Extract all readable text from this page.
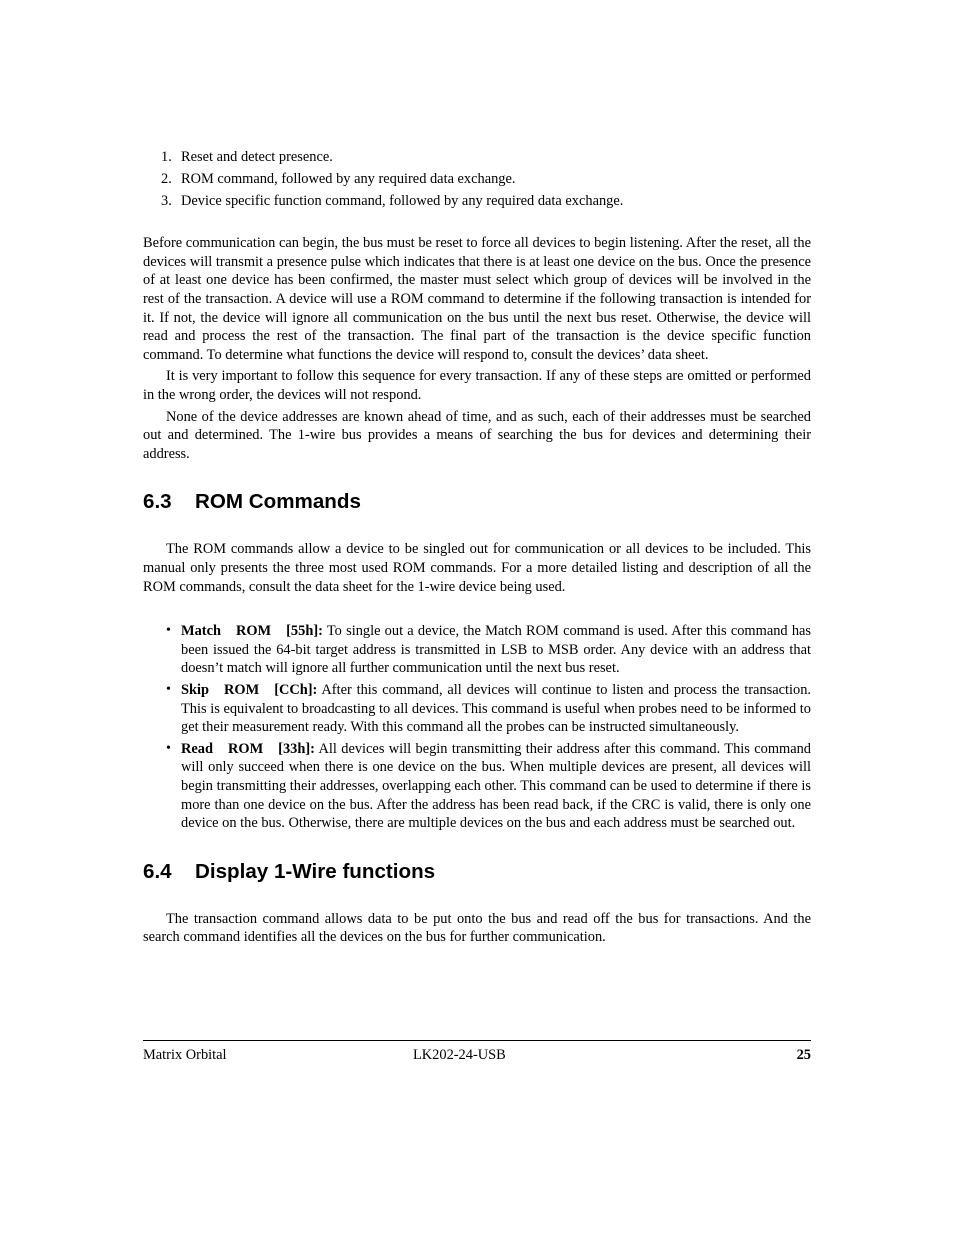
1. Reset and detect presence.
2. ROM command, followed by any required data exchange.
3. Device specific function command, followed by any required data exchange.

Before communication can begin, the bus must be reset to force all devices to begin listening. After the reset, all the devices will transmit a presence pulse which indicates that there is at least one device on the bus. Once the presence of at least one device has been confirmed, the master must select which group of devices will be involved in the rest of the transaction. A device will use a ROM command to determine if the following transaction is intended for it. If not, the device will ignore all communication on the bus until the next bus reset. Otherwise, the device will read and process the rest of the transaction. The final part of the transaction is the device specific function command. To determine what functions the device will respond to, consult the devices’ data sheet.

It is very important to follow this sequence for every transaction. If any of these steps are omitted or performed in the wrong order, the devices will not respond.

None of the device addresses are known ahead of time, and as such, each of their addresses must be searched out and determined. The 1-wire bus provides a means of searching the bus for devices and determining their address.

6.3 ROM Commands

The ROM commands allow a device to be singled out for communication or all devices to be included. This manual only presents the three most used ROM commands. For a more detailed listing and description of all the ROM commands, consult the data sheet for the 1-wire device being used.

• Match ROM [55h]: To single out a device, the Match ROM command is used. After this command has been issued the 64-bit target address is transmitted in LSB to MSB order. Any device with an address that doesn’t match will ignore all further communication until the next bus reset.
• Skip ROM [CCh]: After this command, all devices will continue to listen and process the transaction. This is equivalent to broadcasting to all devices. This command is useful when probes need to be informed to get their measurement ready. With this command all the probes can be instructed simultaneously.
• Read ROM [33h]: All devices will begin transmitting their address after this command. This command will only succeed when there is one device on the bus. When multiple devices are present, all devices will begin transmitting their addresses, overlapping each other. This command can be used to determine if there is more than one device on the bus. After the address has been read back, if the CRC is valid, there is only one device on the bus. Otherwise, there are multiple devices on the bus and each address must be searched out.
6.4 Display 1-Wire functions

The transaction command allows data to be put onto the bus and read off the bus for transactions. And the search command identifies all the devices on the bus for further communication.

Matrix Orbital	LK202-24-USB	25
